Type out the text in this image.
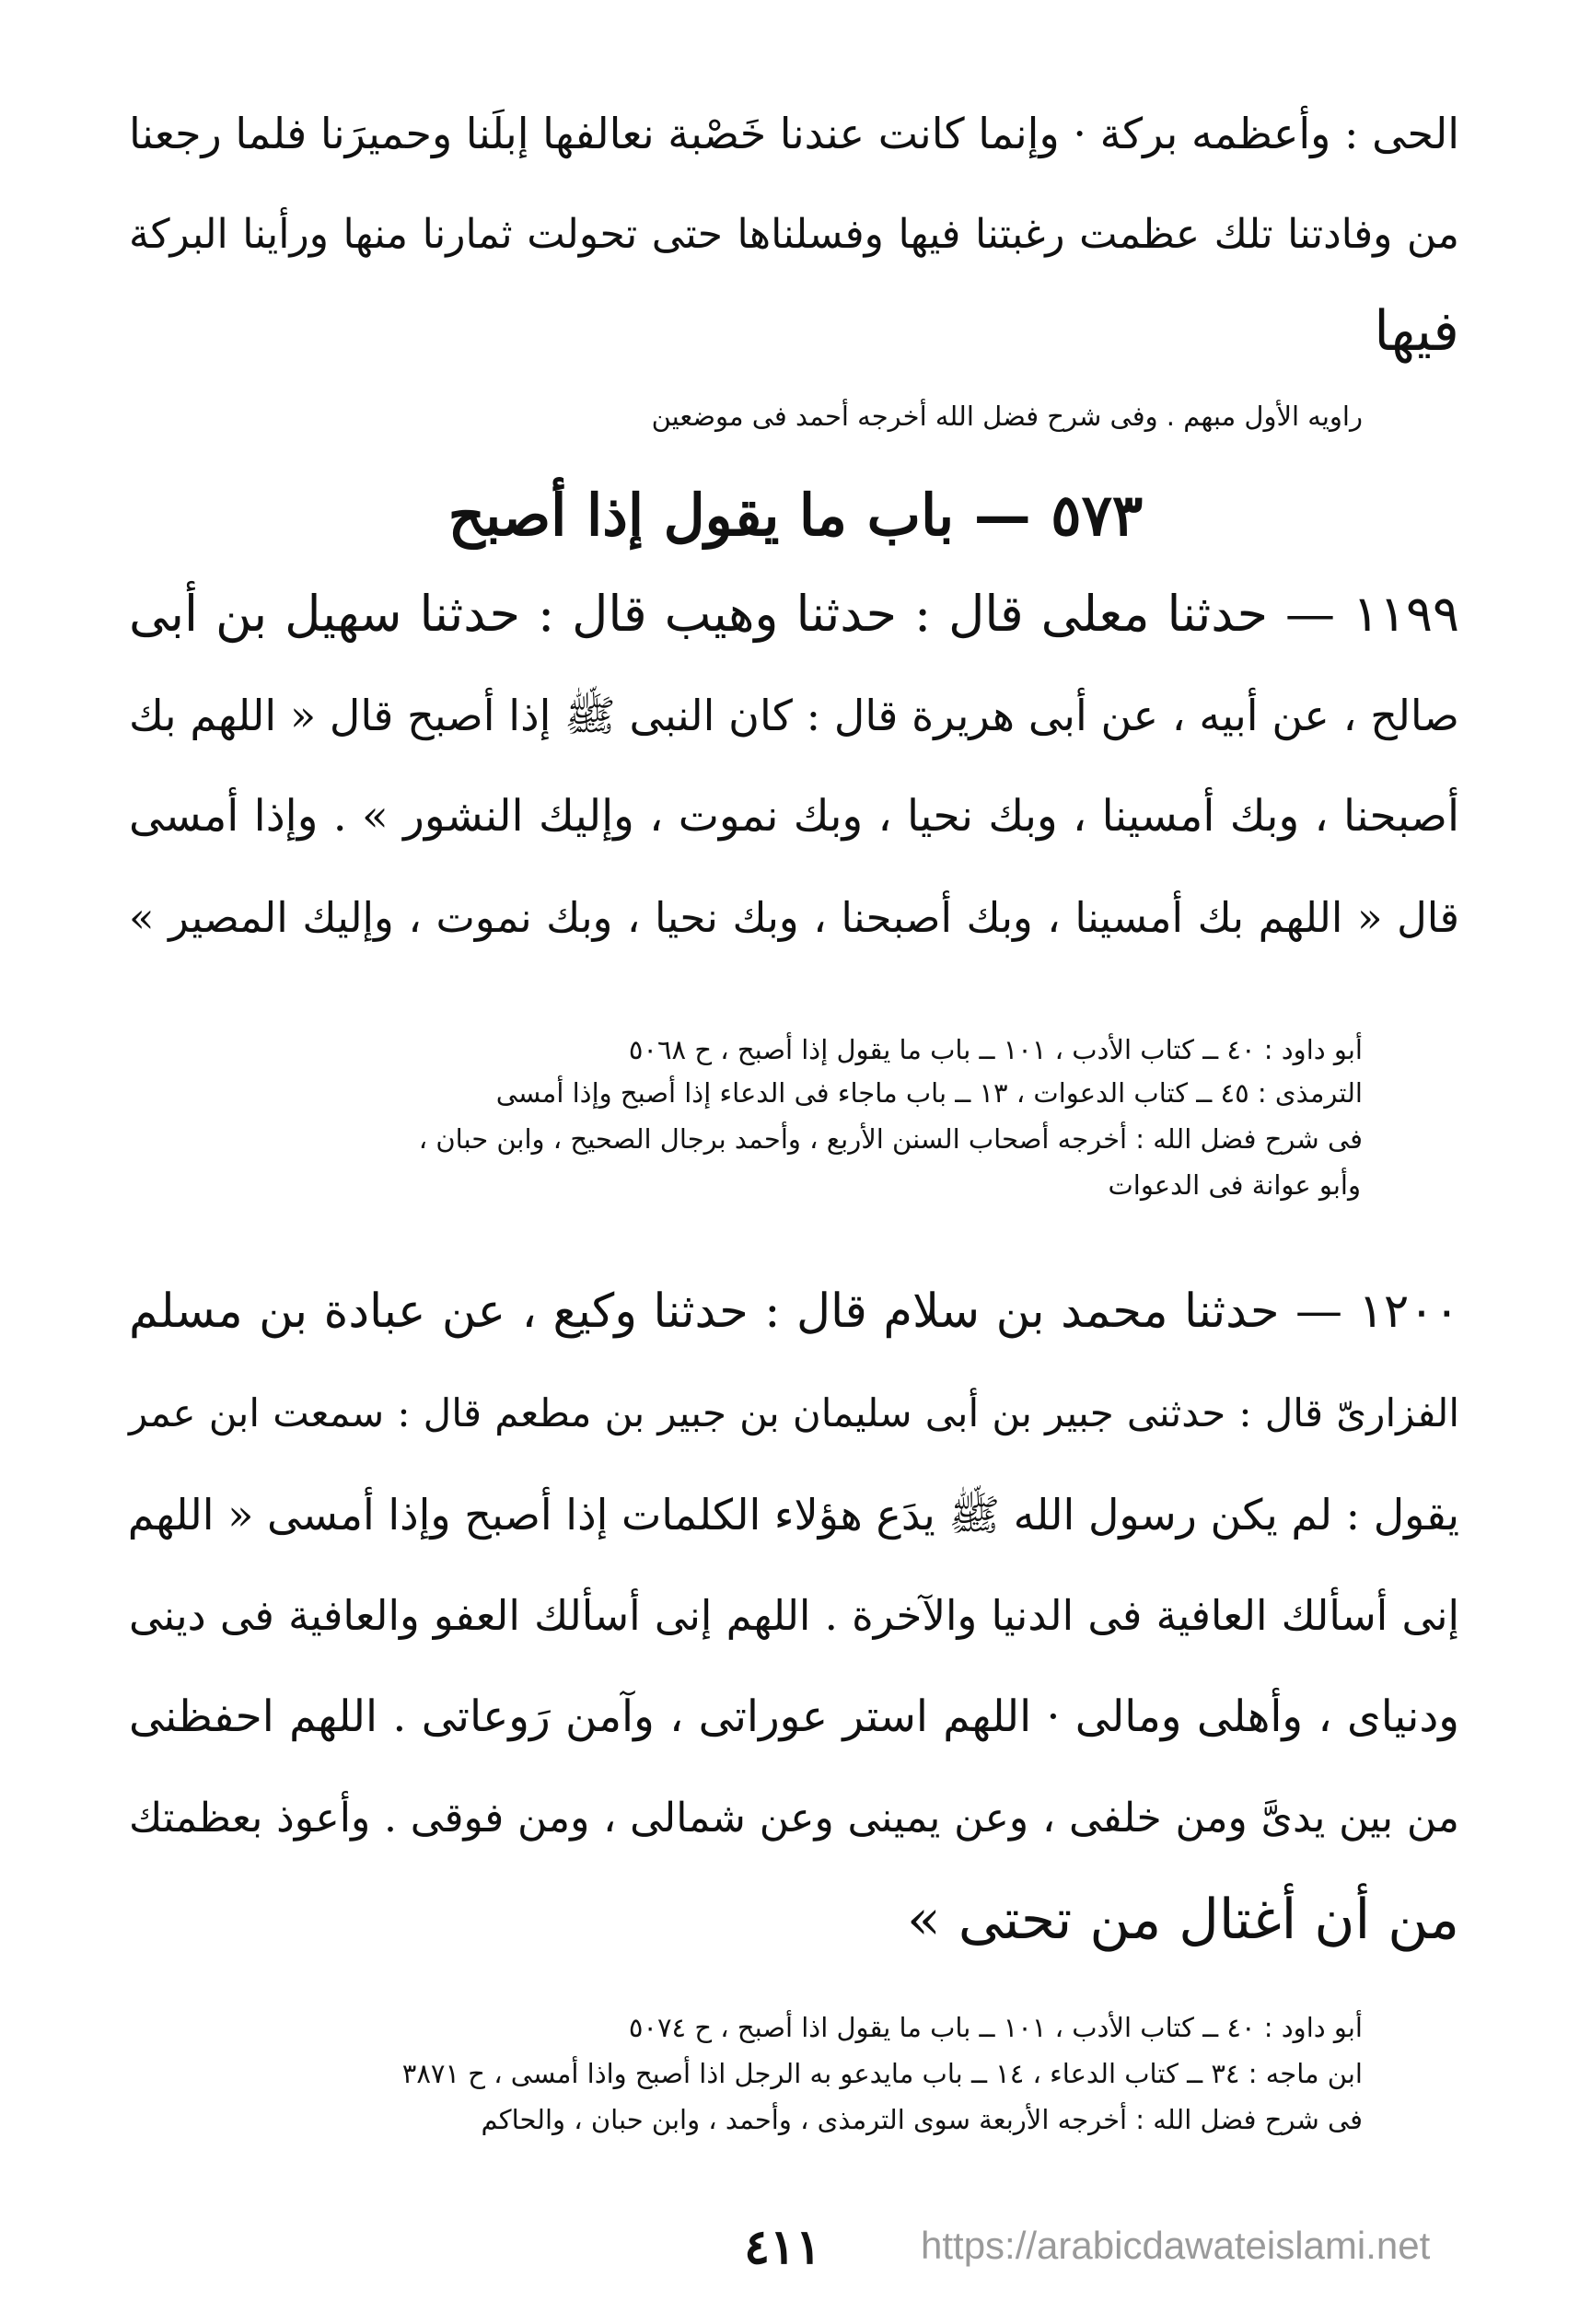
الحى : وأعظمه بركة · وإنما كانت عندنا خَصْبة نعالفها إبلَنا وحميرَنا فلما رجعنا

من وفادتنا تلك عظمت رغبتنا فيها وفسلناها حتى تحولت ثمارنا منها ورأينا البركة

فيها

راويه الأول مبهم . وفى شرح فضل الله أخرجه أحمد فى موضعين

٥٧٣ — باب ما يقول إذا أصبح

١١٩٩ — حدثنا معلى قال : حدثنا وهيب قال : حدثنا سهيل بن أبى

صالح ، عن أبيه ، عن أبى هريرة قال : كان النبى ﷺ إذا أصبح قال « اللهم بك

أصبحنا ، وبك أمسينا ، وبك نحيا ، وبك نموت ، وإليك النشور » . وإذا أمسى

قال « اللهم بك أمسينا ، وبك أصبحنا ، وبك نحيا ، وبك نموت ، وإليك المصير »

أبو داود : ٤٠ ــ كتاب الأدب ، ١٠١ ــ باب ما يقول إذا أصبح ، ح ٥٠٦٨

الترمذى : ٤٥ ــ كتاب الدعوات ، ١٣ ــ باب ماجاء فى الدعاء إذا أصبح وإذا أمسى

فى شرح فضل الله : أخرجه أصحاب السنن الأربع ، وأحمد برجال الصحيح ، وابن حبان ،

وأبو عوانة فى الدعوات

١٢٠٠ — حدثنا محمد بن سلام قال : حدثنا وكيع ، عن عبادة بن مسلم

الفزارىّ قال : حدثنى جبير بن أبى سليمان بن جبير بن مطعم قال : سمعت ابن عمر

يقول : لم يكن رسول الله ﷺ يدَع هؤلاء الكلمات إذا أصبح وإذا أمسى « اللهم

إنى أسألك العافية فى الدنيا والآخرة . اللهم إنى أسألك العفو والعافية فى دينى

ودنياى ، وأهلى ومالى · اللهم استر عوراتى ، وآمن رَوعاتى . اللهم احفظنى

من بين يدىَّ ومن خلفى ، وعن يمينى وعن شمالى ، ومن فوقى . وأعوذ بعظمتك

من أن أغتال من تحتى »

أبو داود : ٤٠ ــ كتاب الأدب ، ١٠١ ــ باب ما يقول اذا أصبح ، ح ٥٠٧٤

ابن ماجه : ٣٤ ــ كتاب الدعاء ، ١٤ ــ باب مايدعو به الرجل اذا أصبح واذا أمسى ، ح ٣٨٧١

فى شرح فضل الله : أخرجه الأربعة سوى الترمذى ، وأحمد ، وابن حبان ، والحاكم

٤١١	https://arabicdawateislami.net
